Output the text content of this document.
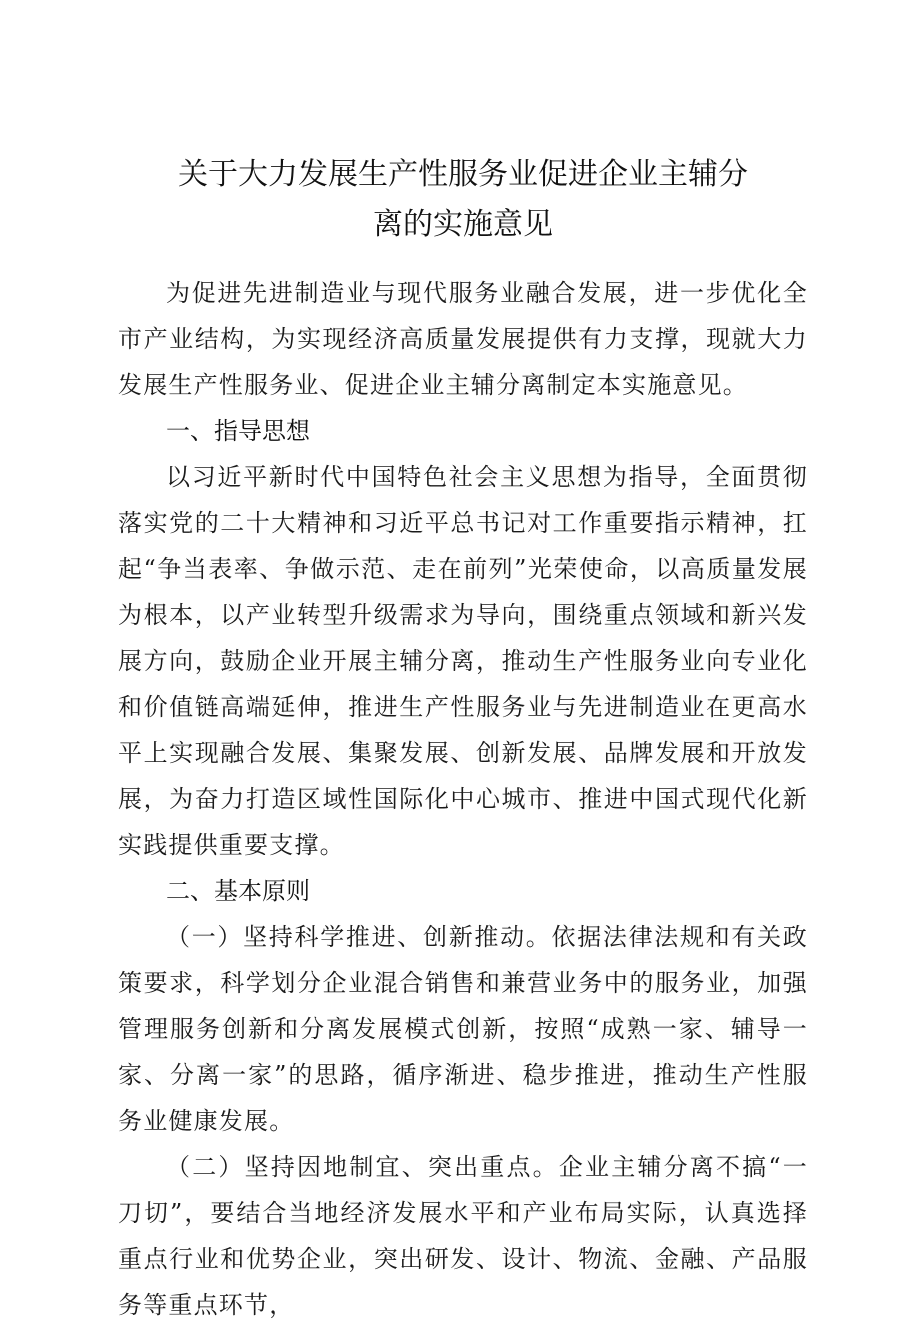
关于大力发展生产性服务业促进企业主辅分
离的实施意见

为促进先进制造业与现代服务业融合发展，进一步优化全市产业结构，为实现经济高质量发展提供有力支撑，现就大力发展生产性服务业、促进企业主辅分离制定本实施意见。

一、指导思想

以习近平新时代中国特色社会主义思想为指导，全面贯彻落实党的二十大精神和习近平总书记对工作重要指示精神，扛起“争当表率、争做示范、走在前列”光荣使命，以高质量发展为根本，以产业转型升级需求为导向，围绕重点领域和新兴发展方向，鼓励企业开展主辅分离，推动生产性服务业向专业化和价值链高端延伸，推进生产性服务业与先进制造业在更高水平上实现融合发展、集聚发展、创新发展、品牌发展和开放发展，为奋力打造区域性国际化中心城市、推进中国式现代化新实践提供重要支撑。

二、基本原则

（一）坚持科学推进、创新推动。依据法律法规和有关政策要求，科学划分企业混合销售和兼营业务中的服务业，加强管理服务创新和分离发展模式创新，按照“成熟一家、辅导一家、分离一家”的思路，循序渐进、稳步推进，推动生产性服务业健康发展。

（二）坚持因地制宜、突出重点。企业主辅分离不搞“一刀切”，要结合当地经济发展水平和产业布局实际，认真选择重点行业和优势企业，突出研发、设计、物流、金融、产品服务等重点环节，
